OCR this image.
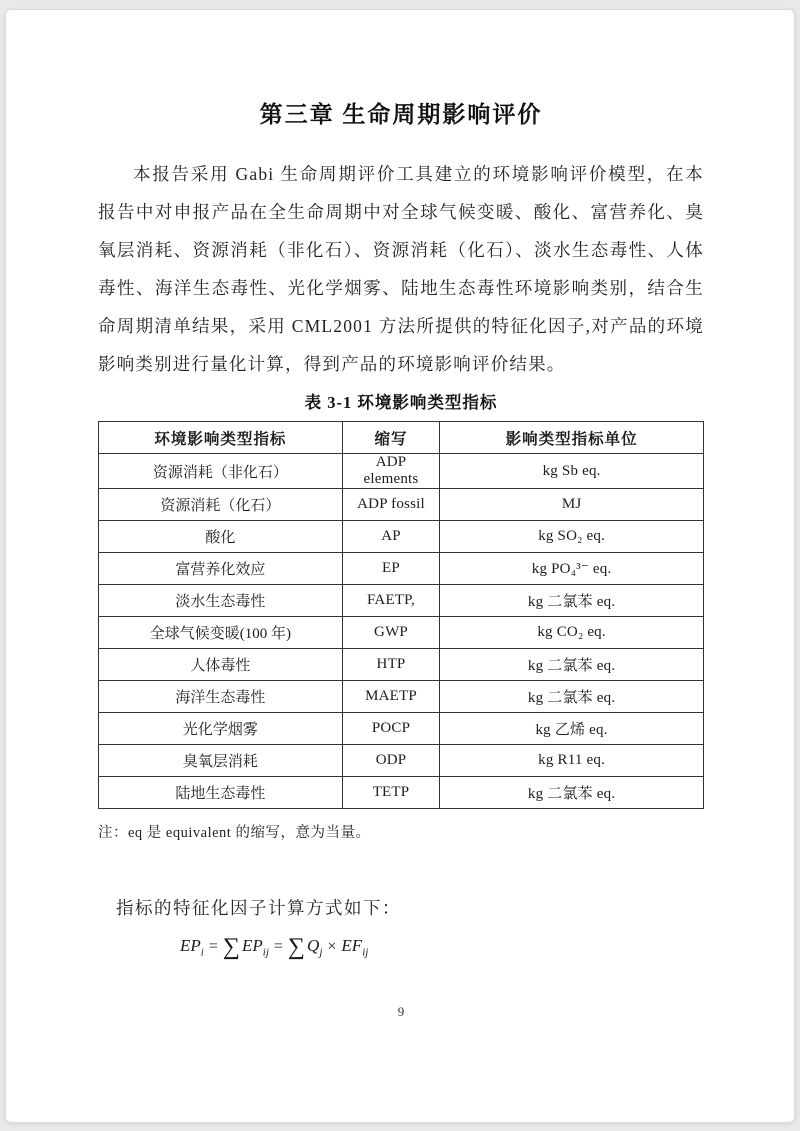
第三章 生命周期影响评价

本报告采用 Gabi 生命周期评价工具建立的环境影响评价模型，在本报告中对申报产品在全生命周期中对全球气候变暖、酸化、富营养化、臭氧层消耗、资源消耗（非化石）、资源消耗（化石）、淡水生态毒性、人体毒性、海洋生态毒性、光化学烟雾、陆地生态毒性环境影响类别，结合生命周期清单结果，采用 CML2001 方法所提供的特征化因子,对产品的环境影响类别进行量化计算，得到产品的环境影响评价结果。

表 3-1 环境影响类型指标
环境影响类型指标	缩写	影响类型指标单位
资源消耗（非化石）	ADP elements	kg Sb eq.
资源消耗（化石）	ADP fossil	MJ
酸化	AP	kg SO₂ eq.
富营养化效应	EP	kg PO₄³⁻ eq.
淡水生态毒性	FAETP,	kg 二氯苯 eq.
全球气候变暖(100 年)	GWP	kg CO₂ eq.
人体毒性	HTP	kg 二氯苯 eq.
海洋生态毒性	MAETP	kg 二氯苯 eq.
光化学烟雾	POCP	kg 乙烯 eq.
臭氧层消耗	ODP	kg R11 eq.
陆地生态毒性	TETP	kg 二氯苯 eq.
注：eq 是 equivalent 的缩写，意为当量。
指标的特征化因子计算方式如下：
$EP_i$ = ∑ $EP_{ij}$ = ∑ $Q_j \times EF_{ij}$
9
